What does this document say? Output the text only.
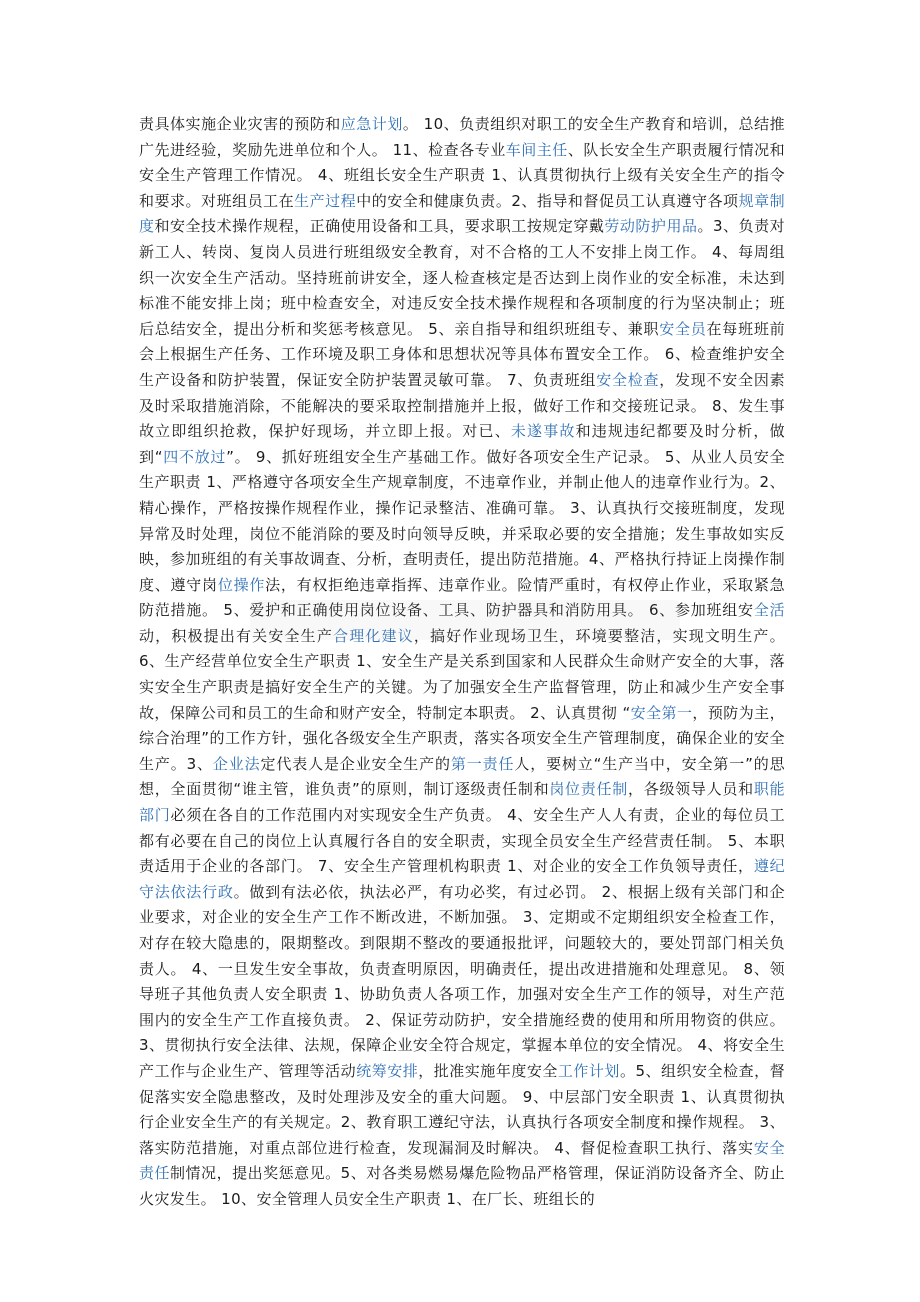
责具体实施企业灾害的预防和应急计划。 10、负责组织对职工的安全生产教育和培训，总结推广先进经验，奖励先进单位和个人。 11、检查各专业车间主任、队长安全生产职责履行情况和安全生产管理工作情况。 4、班组长安全生产职责 1、认真贯彻执行上级有关安全生产的指令和要求。对班组员工在生产过程中的安全和健康负责。2、指导和督促员工认真遵守各项规章制度和安全技术操作规程，正确使用设备和工具，要求职工按规定穿戴劳动防护用品。3、负责对新工人、转岗、复岗人员进行班组级安全教育，对不合格的工人不安排上岗工作。 4、每周组织一次安全生产活动。坚持班前讲安全，逐人检查核定是否达到上岗作业的安全标准，未达到标准不能安排上岗；班中检查安全，对违反安全技术操作规程和各项制度的行为坚决制止；班后总结安全，提出分析和奖惩考核意见。 5、亲自指导和组织班组专、兼职安全员在每班班前会上根据生产任务、工作环境及职工身体和思想状况等具体布置安全工作。 6、检查维护安全生产设备和防护装置，保证安全防护装置灵敏可靠。 7、负责班组安全检查，发现不安全因素及时采取措施消除，不能解决的要采取控制措施并上报，做好工作和交接班记录。 8、发生事故立即组织抢救，保护好现场，并立即上报。对已、未遂事故和违规违纪都要及时分析，做到“四不放过”。 9、抓好班组安全生产基础工作。做好各项安全生产记录。 5、从业人员安全生产职责 1、严格遵守各项安全生产规章制度，不违章作业，并制止他人的违章作业行为。2、精心操作，严格按操作规程作业，操作记录整洁、准确可靠。 3、认真执行交接班制度，发现异常及时处理，岗位不能消除的要及时向领导反映，并采取必要的安全措施；发生事故如实反映，参加班组的有关事故调查、分析，查明责任，提出防范措施。4、严格执行持证上岗操作制度、遵守岗位操作法，有权拒绝违章指挥、违章作业。险情严重时，有权停止作业，采取紧急防范措施。 5、爱护和正确使用岗位设备、工具、防护器具和消防用具。 6、参加班组安全活动，积极提出有关安全生产合理化建议，搞好作业现场卫生，环境要整洁，实现文明生产。 6、生产经营单位安全生产职责 1、安全生产是关系到国家和人民群众生命财产安全的大事，落实安全生产职责是搞好安全生产的关键。为了加强安全生产监督管理，防止和减少生产安全事故，保障公司和员工的生命和财产安全，特制定本职责。 2、认真贯彻 “安全第一，预防为主，综合治理”的工作方针，强化各级安全生产职责，落实各项安全生产管理制度，确保企业的安全生产。3、企业法定代表人是企业安全生产的第一责任人，要树立“生产当中，安全第一”的思想，全面贯彻“谁主管，谁负责”的原则，制订逐级责任制和岗位责任制，各级领导人员和职能部门必须在各自的工作范围内对实现安全生产负责。 4、安全生产人人有责，企业的每位员工都有必要在自己的岗位上认真履行各自的安全职责，实现全员安全生产经营责任制。 5、本职责适用于企业的各部门。 7、安全生产管理机构职责 1、对企业的安全工作负领导责任，遵纪守法依法行政。做到有法必依，执法必严，有功必奖，有过必罚。 2、根据上级有关部门和企业要求，对企业的安全生产工作不断改进，不断加强。 3、定期或不定期组织安全检查工作，对存在较大隐患的，限期整改。到限期不整改的要通报批评，问题较大的，要处罚部门相关负责人。 4、一旦发生安全事故，负责查明原因，明确责任，提出改进措施和处理意见。 8、领导班子其他负责人安全职责 1、协助负责人各项工作，加强对安全生产工作的领导，对生产范围内的安全生产工作直接负责。 2、保证劳动防护，安全措施经费的使用和所用物资的供应。3、贯彻执行安全法律、法规，保障企业安全符合规定，掌握本单位的安全情况。 4、将安全生产工作与企业生产、管理等活动统筹安排，批准实施年度安全工作计划。5、组织安全检查，督促落实安全隐患整改，及时处理涉及安全的重大问题。 9、中层部门安全职责 1、认真贯彻执行企业安全生产的有关规定。2、教育职工遵纪守法，认真执行各项安全制度和操作规程。 3、落实防范措施，对重点部位进行检查，发现漏洞及时解决。 4、督促检查职工执行、落实安全责任制情况，提出奖惩意见。5、对各类易燃易爆危险物品严格管理，保证消防设备齐全、防止火灾发生。 10、安全管理人员安全生产职责 1、在厂长、班组长的
